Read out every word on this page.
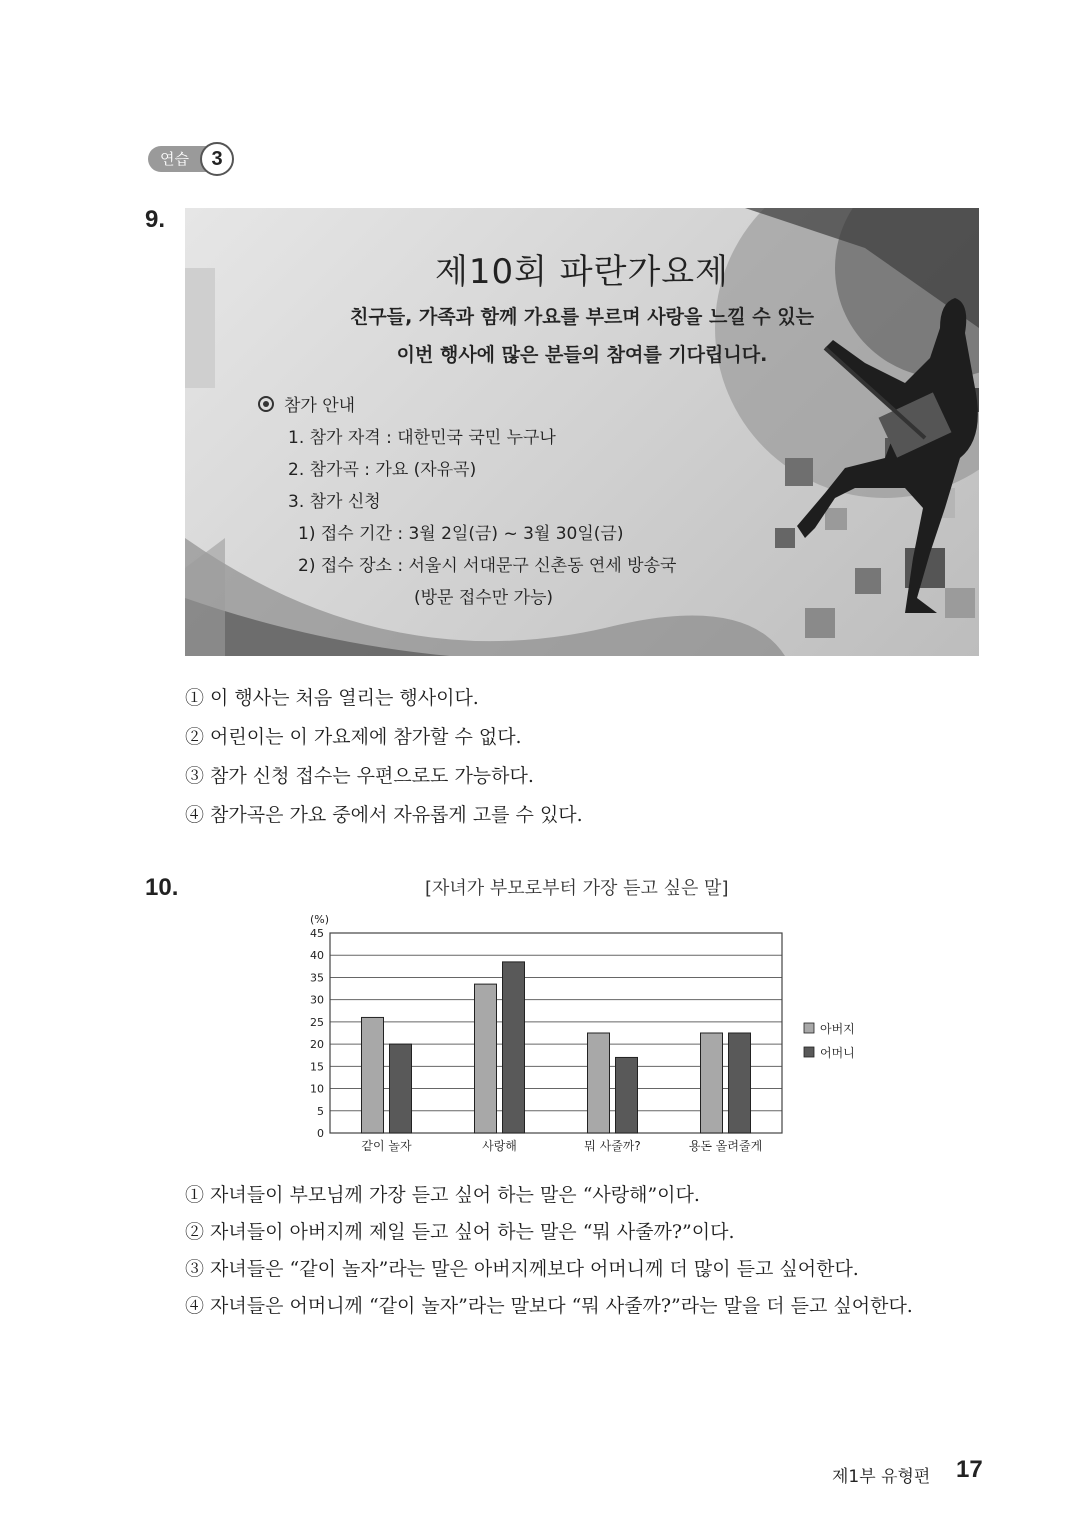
연습	3
9.
제10회 파란가요제
친구들, 가족과 함께 가요를 부르며 사랑을 느낄 수 있는
이번 행사에 많은 분들의 참여를 기다립니다.
참가 안내
1. 참가 자격 : 대한민국 국민 누구나
2. 참가곡 : 가요 (자유곡)
3. 참가 신청
1) 접수 기간 : 3월 2일(금) ~ 3월 30일(금)
2) 접수 장소 : 서울시 서대문구 신촌동 연세 방송국
(방문 접수만 가능)
① 이 행사는 처음 열리는 행사이다.
② 어린이는 이 가요제에 참가할 수 없다.
③ 참가 신청 접수는 우편으로도 가능하다.
④ 참가곡은 가요 중에서 자유롭게 고를 수 있다.
10.	[자녀가 부모로부터 가장 듣고 싶은 말]
(%)
0
5
10
15
20
25
30
35
40
45
같이 놀자	사랑해	뭐 사줄까?	용돈 올려줄게
아버지
어머니
① 자녀들이 부모님께 가장 듣고 싶어 하는 말은 “사랑해”이다.
② 자녀들이 아버지께 제일 듣고 싶어 하는 말은 “뭐 사줄까?”이다.
③ 자녀들은 “같이 놀자”라는 말은 아버지께보다 어머니께 더 많이 듣고 싶어한다.
④ 자녀들은 어머니께 “같이 놀자”라는 말보다 “뭐 사줄까?”라는 말을 더 듣고 싶어한다.
제1부 유형편 17
